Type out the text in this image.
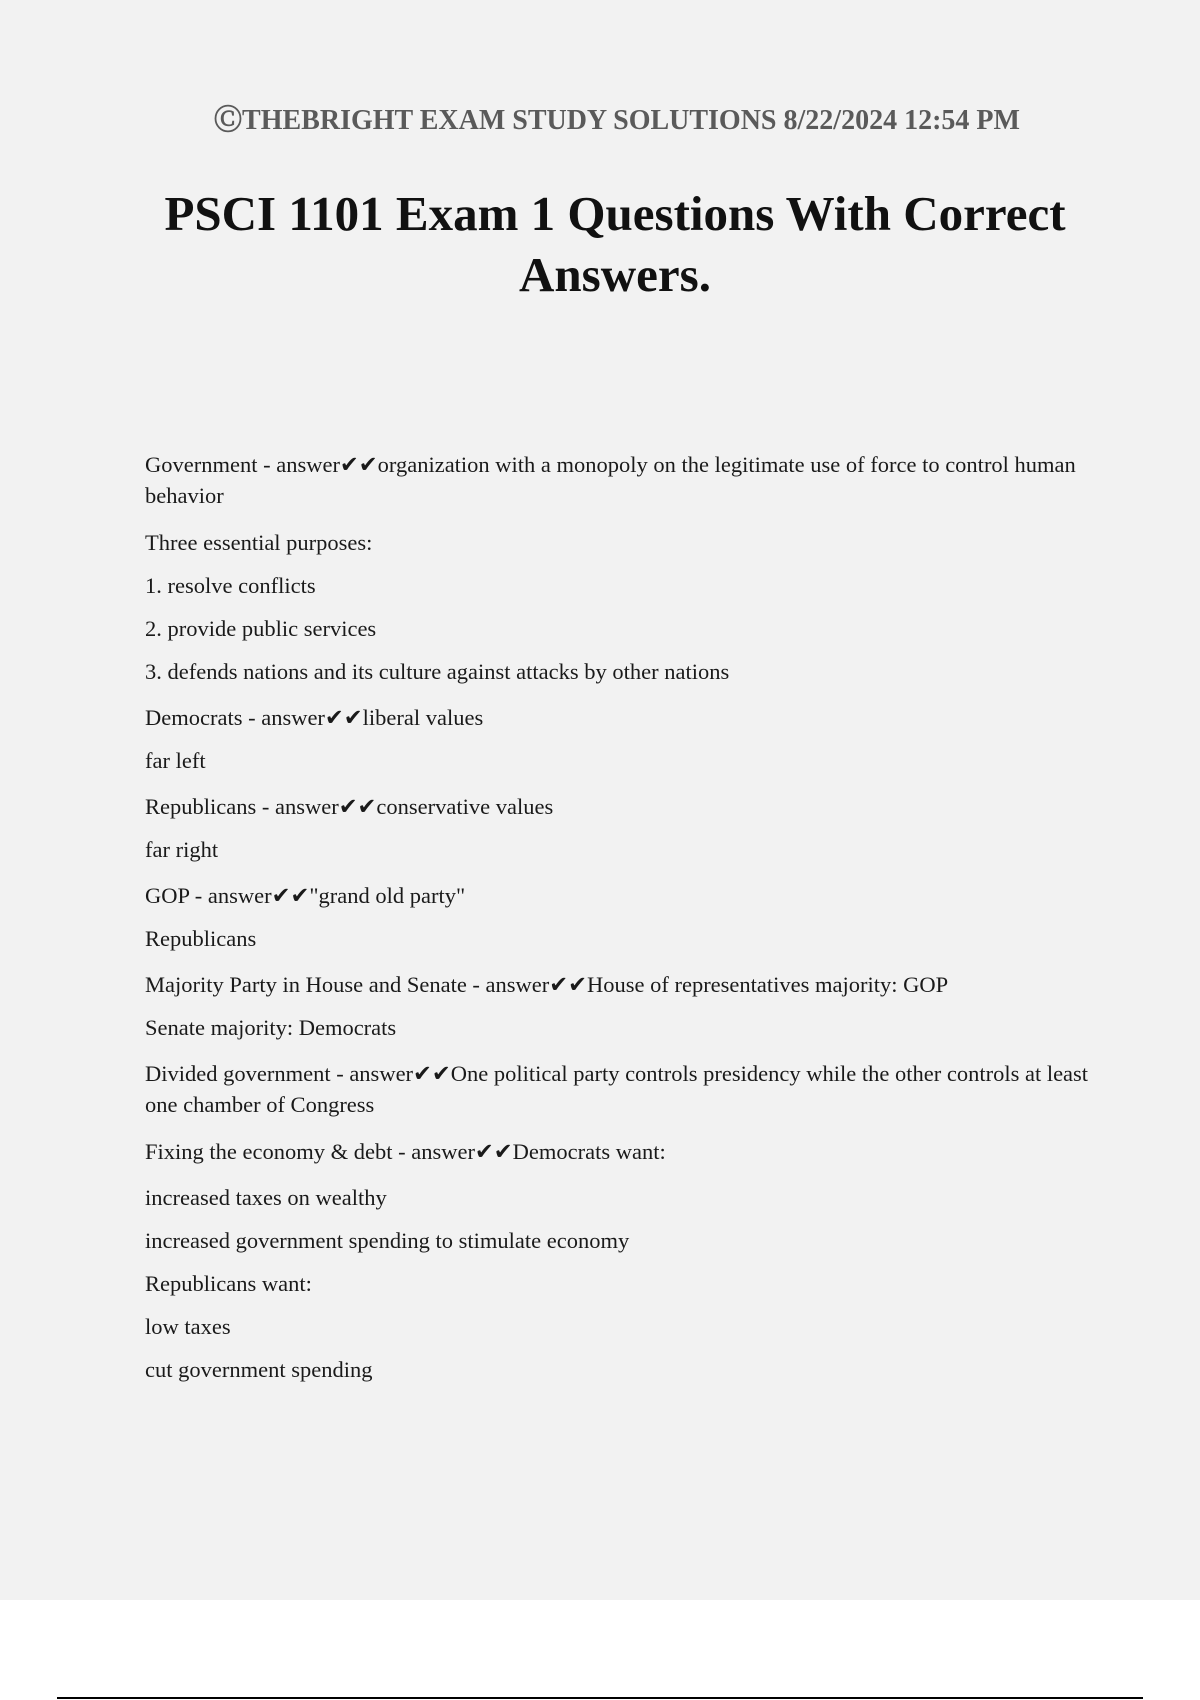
ⒸTHEBRIGHT EXAM STUDY SOLUTIONS 8/22/2024 12:54 PM
PSCI 1101 Exam 1 Questions With Correct Answers.

Government - answer✔✔organization with a monopoly on the legitimate use of force to control human behavior

Three essential purposes:

1. resolve conflicts

2. provide public services

3. defends nations and its culture against attacks by other nations

Democrats - answer✔✔liberal values

far left

Republicans - answer✔✔conservative values

far right

GOP - answer✔✔"grand old party"

Republicans

Majority Party in House and Senate - answer✔✔House of representatives majority: GOP

Senate majority: Democrats

Divided government - answer✔✔One political party controls presidency while the other controls at least one chamber of Congress

Fixing the economy & debt - answer✔✔Democrats want:

increased taxes on wealthy

increased government spending to stimulate economy

Republicans want:

low taxes

cut government spending
